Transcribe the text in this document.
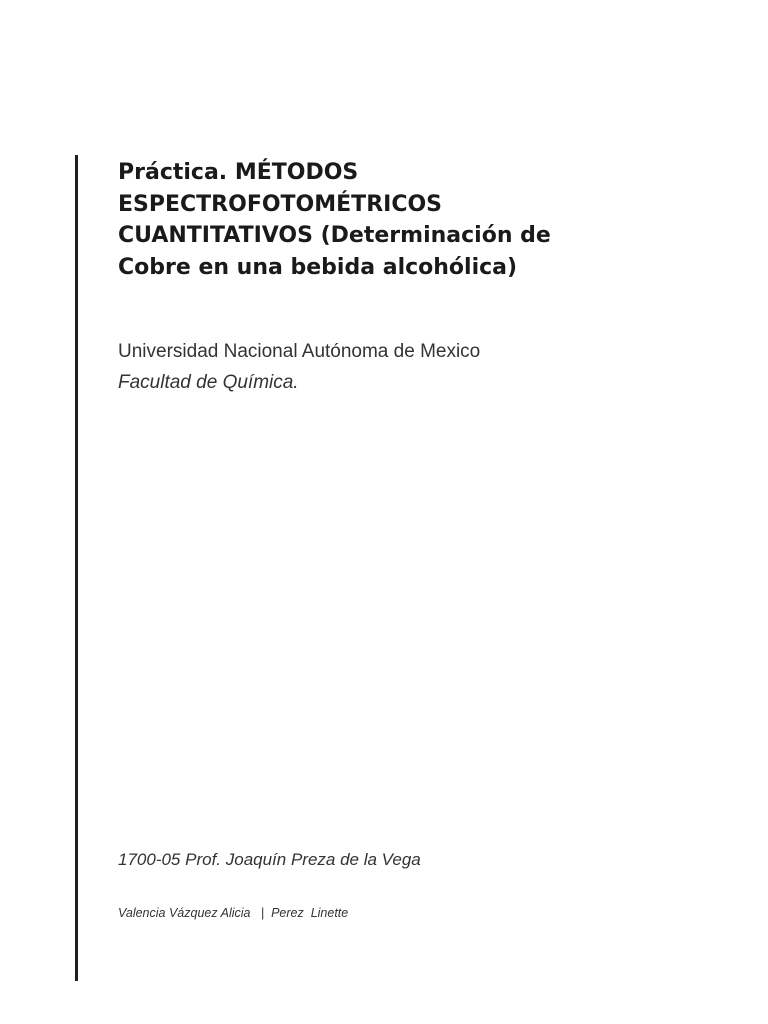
Práctica. MÉTODOS
ESPECTROFOTOMÉTRICOS
CUANTITATIVOS (Determinación de
Cobre en una bebida alcohólica)
Universidad Nacional Autónoma de Mexico
Facultad de Química.
1700-05 Prof. Joaquín Preza de la Vega
Valencia Vázquez Alicia   |  Perez  Linette
